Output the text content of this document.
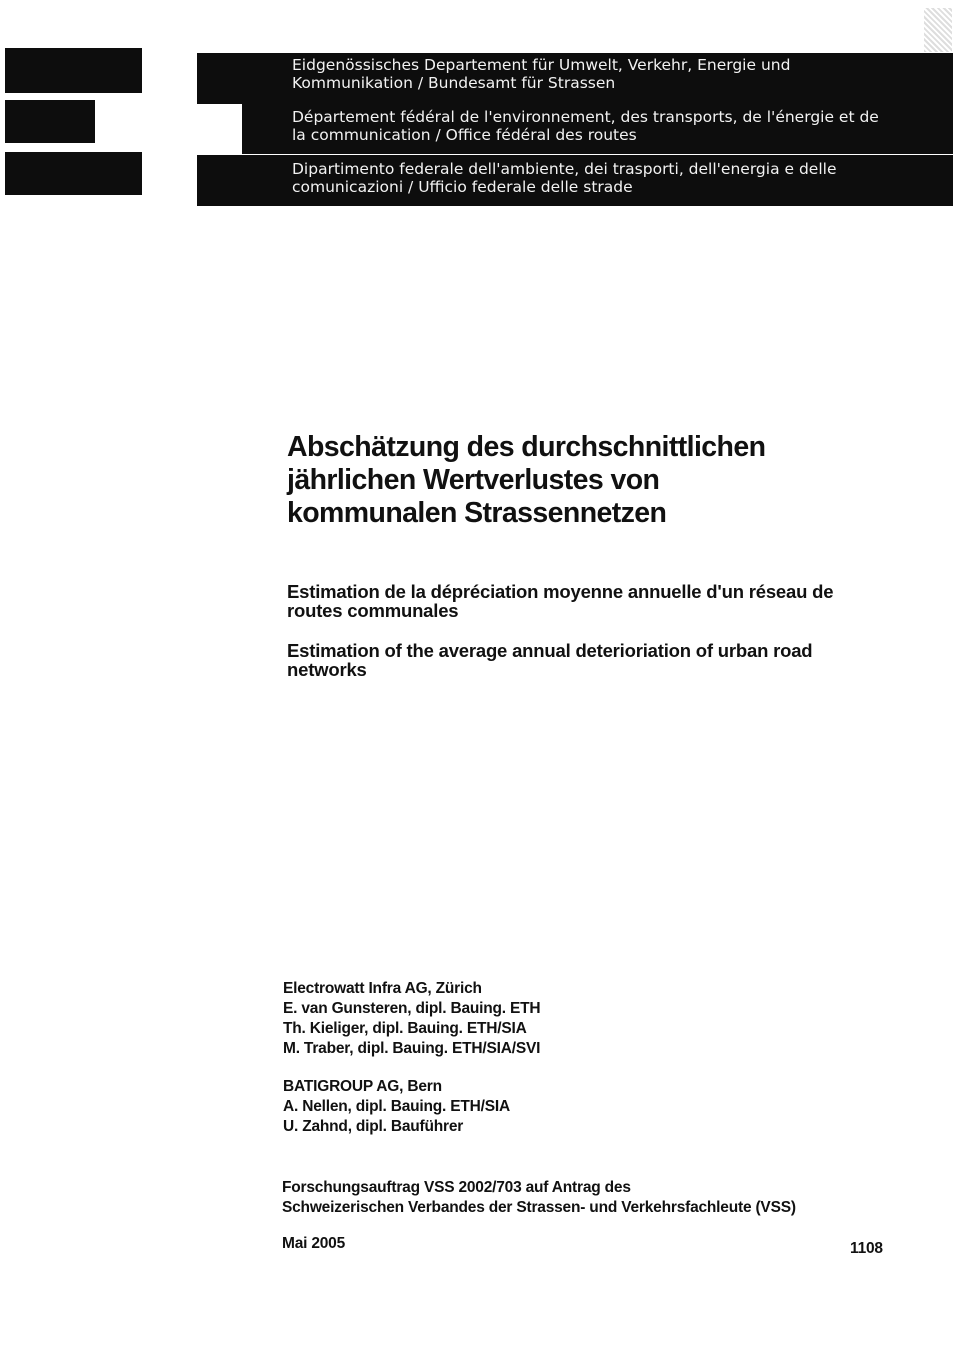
Eidgenössisches Departement für Umwelt, Verkehr, Energie und
Kommunikation / Bundesamt für Strassen
Département fédéral de l'environnement, des transports, de l'énergie et de
la communication / Office fédéral des routes
Dipartimento federale dell'ambiente, dei trasporti, dell'energia e delle
comunicazioni / Ufficio federale delle strade
Abschätzung des durchschnittlichen
jährlichen Wertverlustes von
kommunalen Strassennetzen
Estimation de la dépréciation moyenne annuelle d'un réseau de routes communales
Estimation of the average annual deterioriation of urban road networks
Electrowatt Infra AG, Zürich
E. van Gunsteren, dipl. Bauing. ETH
Th. Kieliger, dipl. Bauing. ETH/SIA
M. Traber, dipl. Bauing. ETH/SIA/SVI
BATIGROUP AG, Bern
A. Nellen, dipl. Bauing. ETH/SIA
U. Zahnd, dipl. Bauführer
Forschungsauftrag VSS 2002/703 auf Antrag des
Schweizerischen Verbandes der Strassen- und Verkehrsfachleute (VSS)
Mai 2005	1108
